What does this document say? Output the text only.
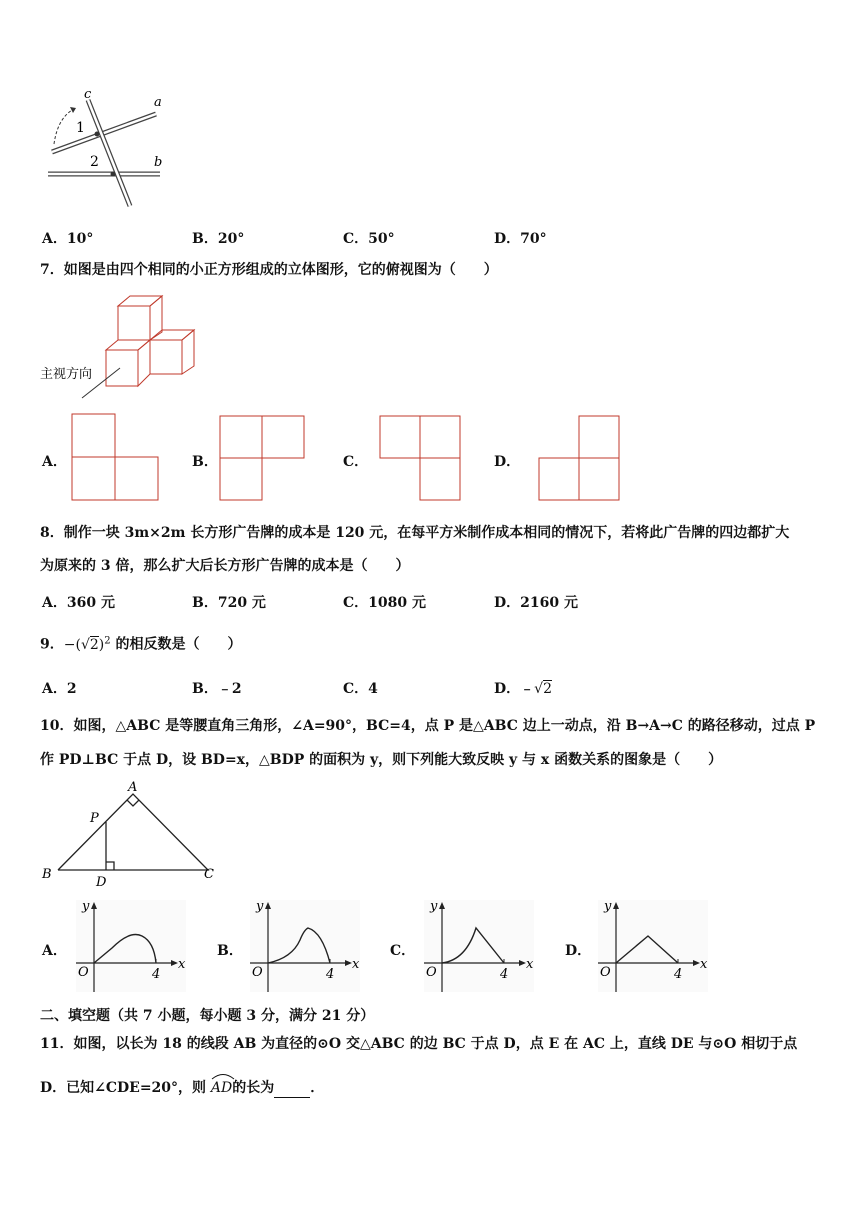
c
a
b
1
2
A．10°	B．20°	C．50°	D．70°
7．如图是由四个相同的小正方形组成的立体图形，它的俯视图为（　　）
主视方向
A．	B．	C．	D．
8．制作一块 3m×2m 长方形广告牌的成本是 120 元，在每平方米制作成本相同的情况下，若将此广告牌的四边都扩大
为原来的 3 倍，那么扩大后长方形广告牌的成本是（　　）
A．360 元	B．720 元	C．1080 元	D．2160 元
9．$-(√2)^2$ 的相反数是（　　）
A．2	B．﹣2	C．4	D．﹣√2
10．如图，△ABC 是等腰直角三角形，∠A=90°，BC=4，点 P 是△ABC 边上一动点，沿 B→A→C 的路径移动，过点 P
作 PD⊥BC 于点 D，设 BD=x，△BDP 的面积为 y，则下列能大致反映 y 与 x 函数关系的图象是（　　）
A
B	C
P
D
A．	B．	C．	D．
y
x
O	4
y
x
O	4
y
x
O	4
y
x
O	4
二、填空题（共 7 小题，每小题 3 分，满分 21 分）
11．如图，以长为 18 的线段 AB 为直径的⊙O 交△ABC 的边 BC 于点 D，点 E 在 AC 上，直线 DE 与⊙O 相切于点
D．已知∠CDE=20°，则 AD的长为	．
